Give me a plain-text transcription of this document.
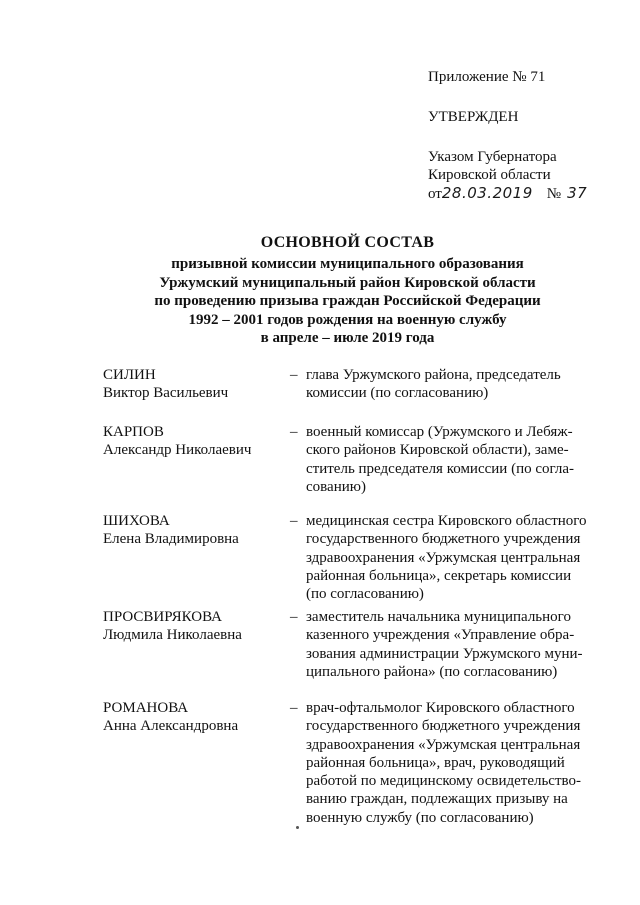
Приложение № 71
УТВЕРЖДЕН
Указом Губернатора
Кировской области
от28.03.2019 № 37
ОСНОВНОЙ СОСТАВ
призывной комиссии муниципального образования
Уржумский муниципальный район Кировской области
по проведению призыва граждан Российской Федерации
1992 – 2001 годов рождения на военную службу
в апреле – июле 2019 года
СИЛИН
Виктор Васильевич
– глава Уржумского района, председатель
комиссии (по согласованию)
КАРПОВ
Александр Николаевич
– военный комиссар (Уржумского и Лебяж-
ского районов Кировской области), заме-
ститель председателя комиссии (по согла-
сованию)
ШИХОВА
Елена Владимировна
– медицинская сестра Кировского областного
государственного бюджетного учреждения
здравоохранения «Уржумская центральная
районная больница», секретарь комиссии
(по согласованию)
ПРОСВИРЯКОВА
Людмила Николаевна
– заместитель начальника муниципального
казенного учреждения «Управление обра-
зования администрации Уржумского муни-
ципального района» (по согласованию)
РОМАНОВА
Анна Александровна
– врач-офтальмолог Кировского областного
государственного бюджетного учреждения
здравоохранения «Уржумская центральная
районная больница», врач, руководящий
работой по медицинскому освидетельство-
ванию граждан, подлежащих призыву на
военную службу (по согласованию)
